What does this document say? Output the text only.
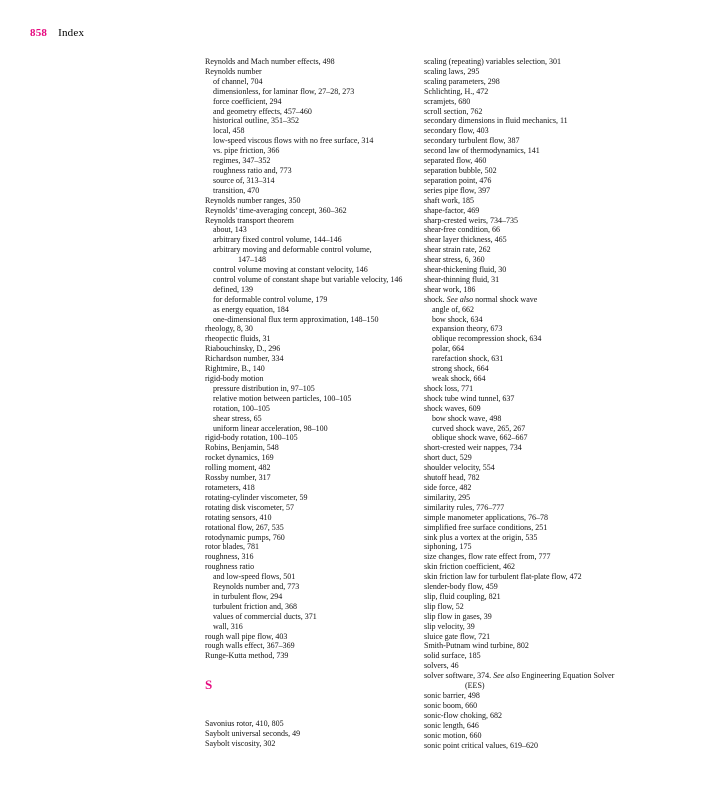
858 Index
Reynolds and Mach number effects, 498
Reynolds number
of channel, 704
dimensionless, for laminar flow, 27–28, 273
force coefficient, 294
and geometry effects, 457–460
historical outline, 351–352
local, 458
low-speed viscous flows with no free surface, 314
vs. pipe friction, 366
regimes, 347–352
roughness ratio and, 773
source of, 313–314
transition, 470
Reynolds number ranges, 350
Reynolds’ time-averaging concept, 360–362
Reynolds transport theorem
about, 143
arbitrary fixed control volume, 144–146
arbitrary moving and deformable control volume,
147–148
control volume moving at constant velocity, 146
control volume of constant shape but variable velocity, 146
defined, 139
for deformable control volume, 179
as energy equation, 184
one-dimensional flux term approximation, 148–150
rheology, 8, 30
rheopectic fluids, 31
Riabouchinsky, D., 296
Richardson number, 334
Rightmire, B., 140
rigid-body motion
pressure distribution in, 97–105
relative motion between particles, 100–105
rotation, 100–105
shear stress, 65
uniform linear acceleration, 98–100
rigid-body rotation, 100–105
Robins, Benjamin, 548
rocket dynamics, 169
rolling moment, 482
Rossby number, 317
rotameters, 418
rotating-cylinder viscometer, 59
rotating disk viscometer, 57
rotating sensors, 410
rotational flow, 267, 535
rotodynamic pumps, 760
rotor blades, 781
roughness, 316
roughness ratio
and low-speed flows, 501
Reynolds number and, 773
in turbulent flow, 294
turbulent friction and, 368
values of commercial ducts, 371
wall, 316
rough wall pipe flow, 403
rough walls effect, 367–369
Runge-Kutta method, 739
S
Savonius rotor, 410, 805
Saybolt universal seconds, 49
Saybolt viscosity, 302
scaling (repeating) variables selection, 301
scaling laws, 295
scaling parameters, 298
Schlichting, H., 472
scramjets, 680
scroll section, 762
secondary dimensions in fluid mechanics, 11
secondary flow, 403
secondary turbulent flow, 387
second law of thermodynamics, 141
separated flow, 460
separation bubble, 502
separation point, 476
series pipe flow, 397
shaft work, 185
shape-factor, 469
sharp-crested weirs, 734–735
shear-free condition, 66
shear layer thickness, 465
shear strain rate, 262
shear stress, 6, 360
shear-thickening fluid, 30
shear-thinning fluid, 31
shear work, 186
shock. See also normal shock wave
angle of, 662
bow shock, 634
expansion theory, 673
oblique recompression shock, 634
polar, 664
rarefaction shock, 631
strong shock, 664
weak shock, 664
shock loss, 771
shock tube wind tunnel, 637
shock waves, 609
bow shock wave, 498
curved shock wave, 265, 267
oblique shock wave, 662–667
short-crested weir nappes, 734
short duct, 529
shoulder velocity, 554
shutoff head, 782
side force, 482
similarity, 295
similarity rules, 776–777
simple manometer applications, 76–78
simplified free surface conditions, 251
sink plus a vortex at the origin, 535
siphoning, 175
size changes, flow rate effect from, 777
skin friction coefficient, 462
skin friction law for turbulent flat-plate flow, 472
slender-body flow, 459
slip, fluid coupling, 821
slip flow, 52
slip flow in gases, 39
slip velocity, 39
sluice gate flow, 721
Smith-Putnam wind turbine, 802
solid surface, 185
solvers, 46
solver software, 374. See also Engineering Equation Solver
(EES)
sonic barrier, 498
sonic boom, 660
sonic-flow choking, 682
sonic length, 646
sonic motion, 660
sonic point critical values, 619–620
